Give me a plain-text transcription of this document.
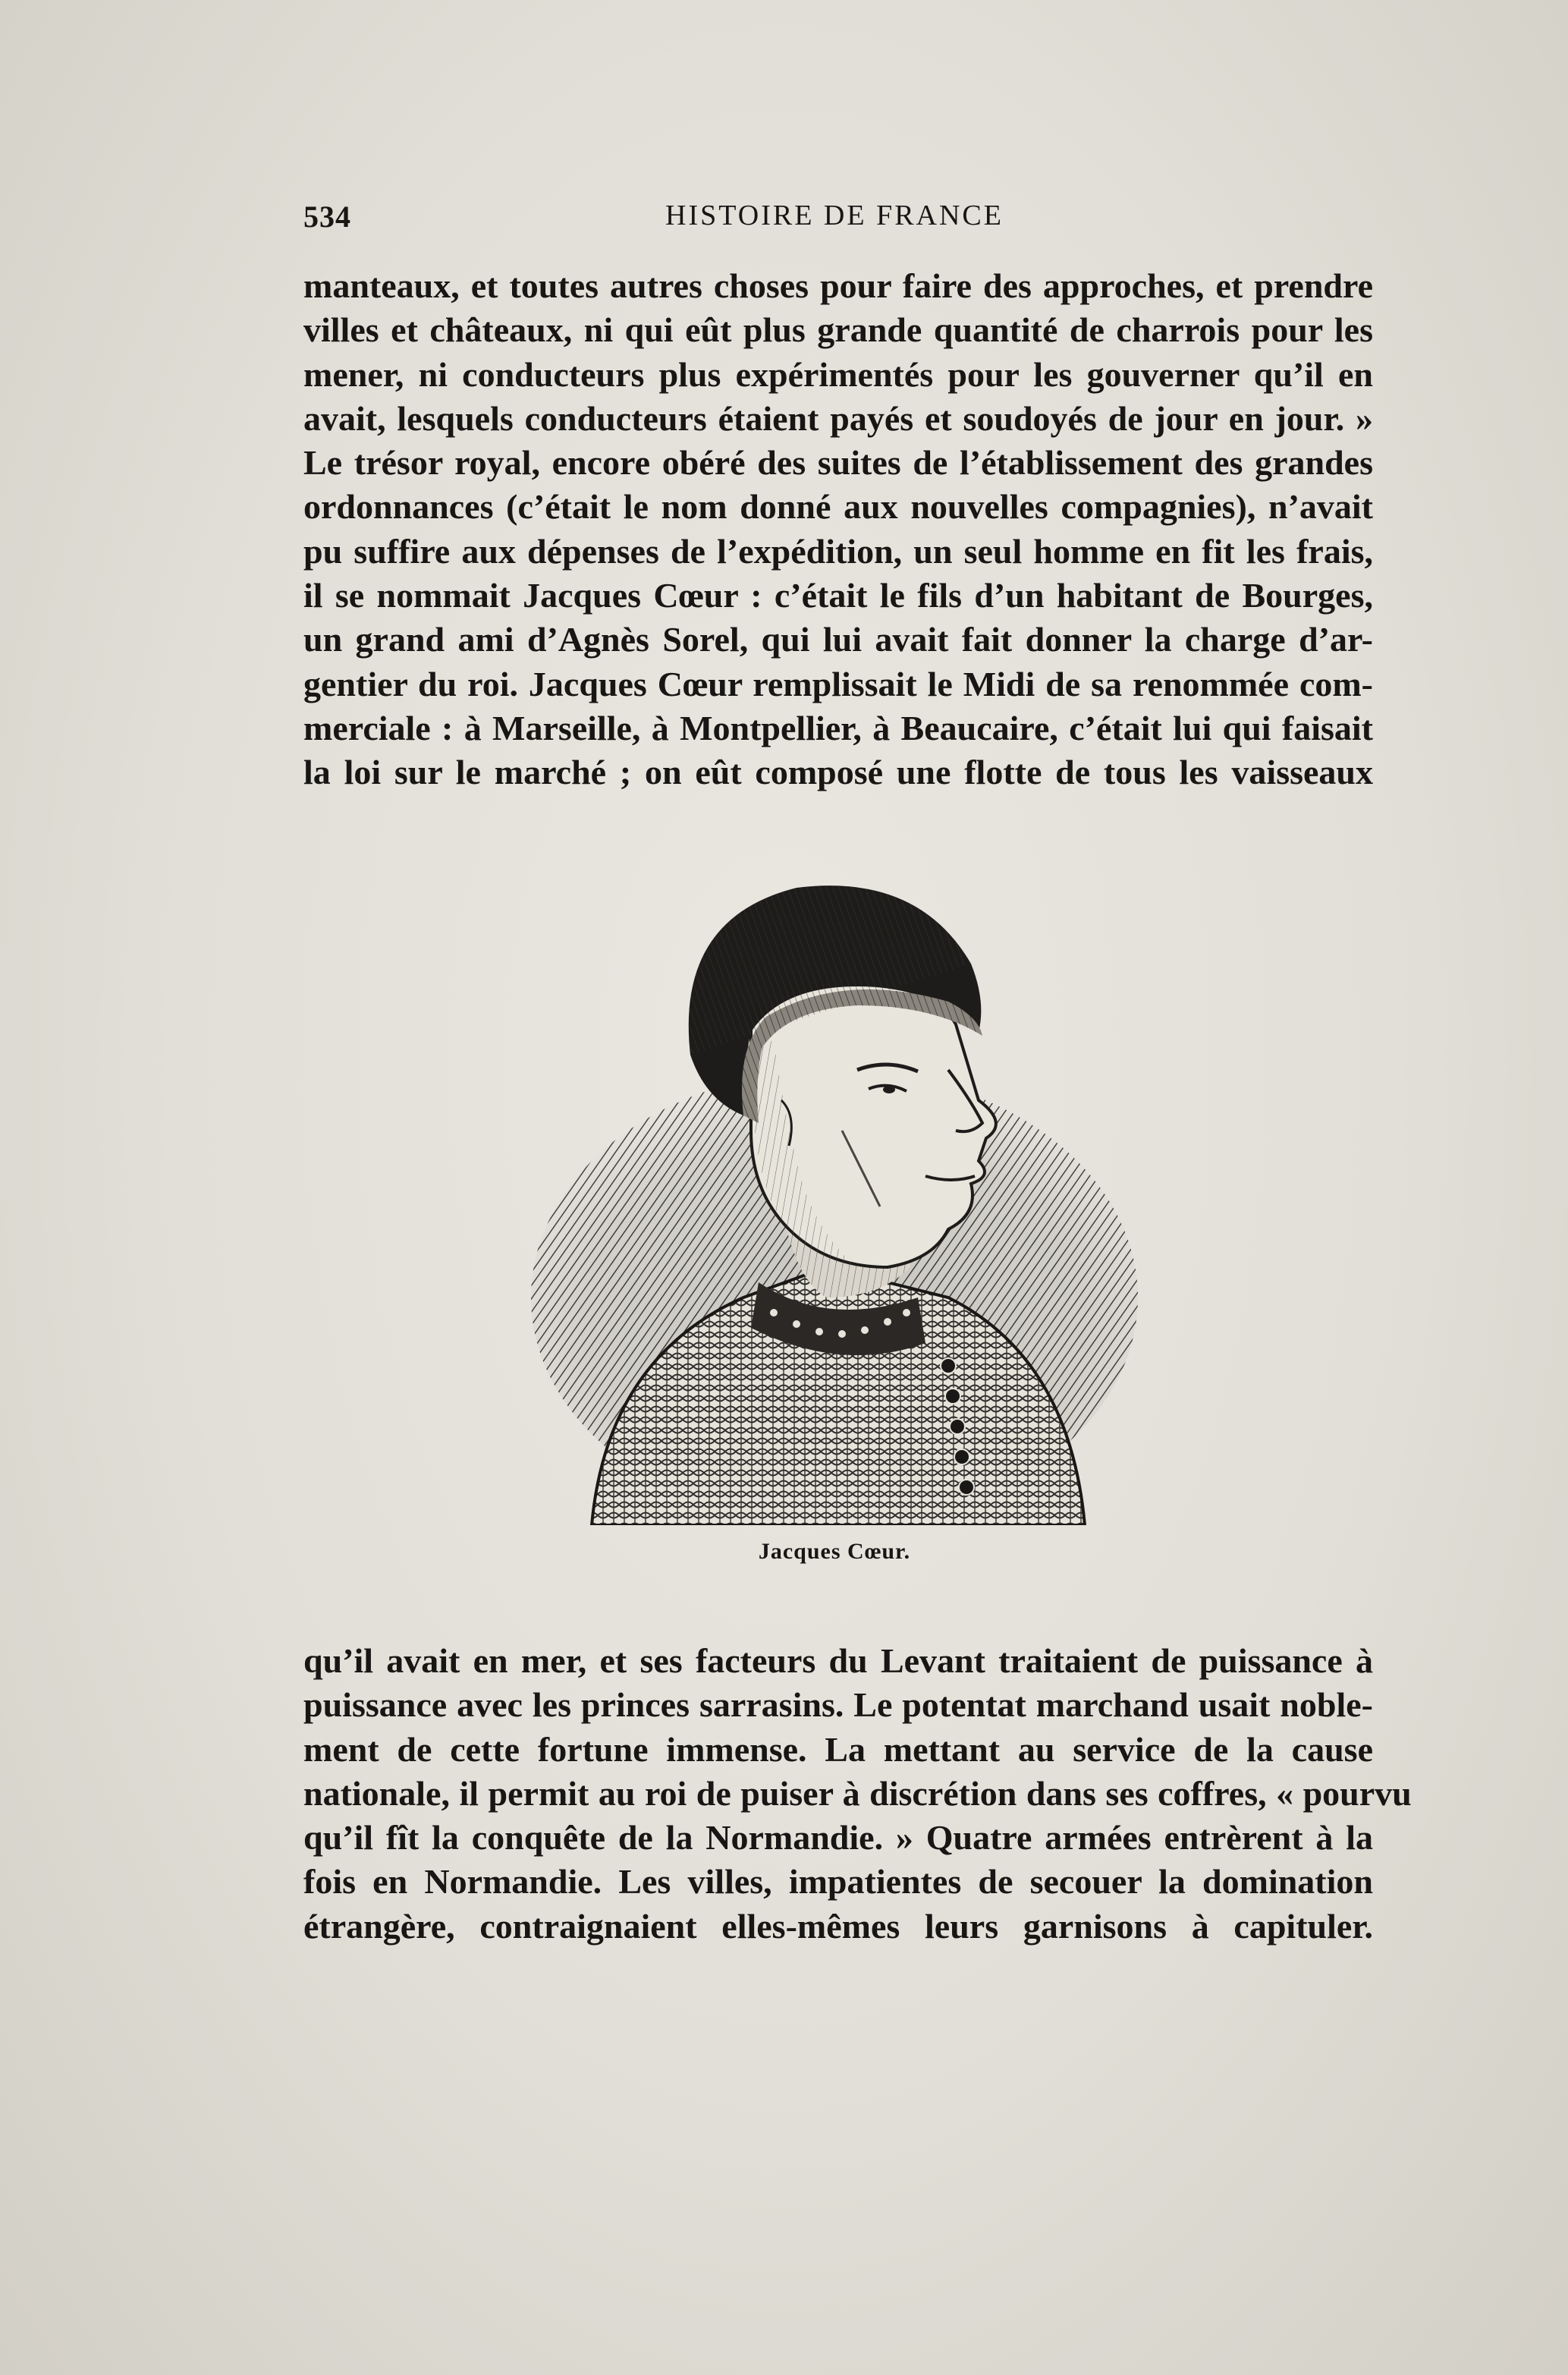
534	HISTOIRE DE FRANCE
manteaux, et toutes autres choses pour faire des approches, et prendre
villes et châteaux, ni qui eût plus grande quantité de charrois pour les
mener, ni conducteurs plus expérimentés pour les gouverner qu’il en
avait, lesquels conducteurs étaient payés et soudoyés de jour en jour. »
Le trésor royal, encore obéré des suites de l’établissement des grandes
ordonnances (c’était le nom donné aux nouvelles compagnies), n’avait
pu suffire aux dépenses de l’expédition, un seul homme en fit les frais,
il se nommait Jacques Cœur : c’était le fils d’un habitant de Bourges,
un grand ami d’Agnès Sorel, qui lui avait fait donner la charge d’ar-
gentier du roi. Jacques Cœur remplissait le Midi de sa renommée com-
merciale : à Marseille, à Montpellier, à Beaucaire, c’était lui qui faisait
la loi sur le marché ; on eût composé une flotte de tous les vaisseaux
Jacques Cœur.
qu’il avait en mer, et ses facteurs du Levant traitaient de puissance à
puissance avec les princes sarrasins. Le potentat marchand usait noble-
ment de cette fortune immense. La mettant au service de la cause
nationale, il permit au roi de puiser à discrétion dans ses coffres, « pourvu
qu’il fît la conquête de la Normandie. » Quatre armées entrèrent à la
fois en Normandie. Les villes, impatientes de secouer la domination
étrangère, contraignaient elles-mêmes leurs garnisons à capituler.
